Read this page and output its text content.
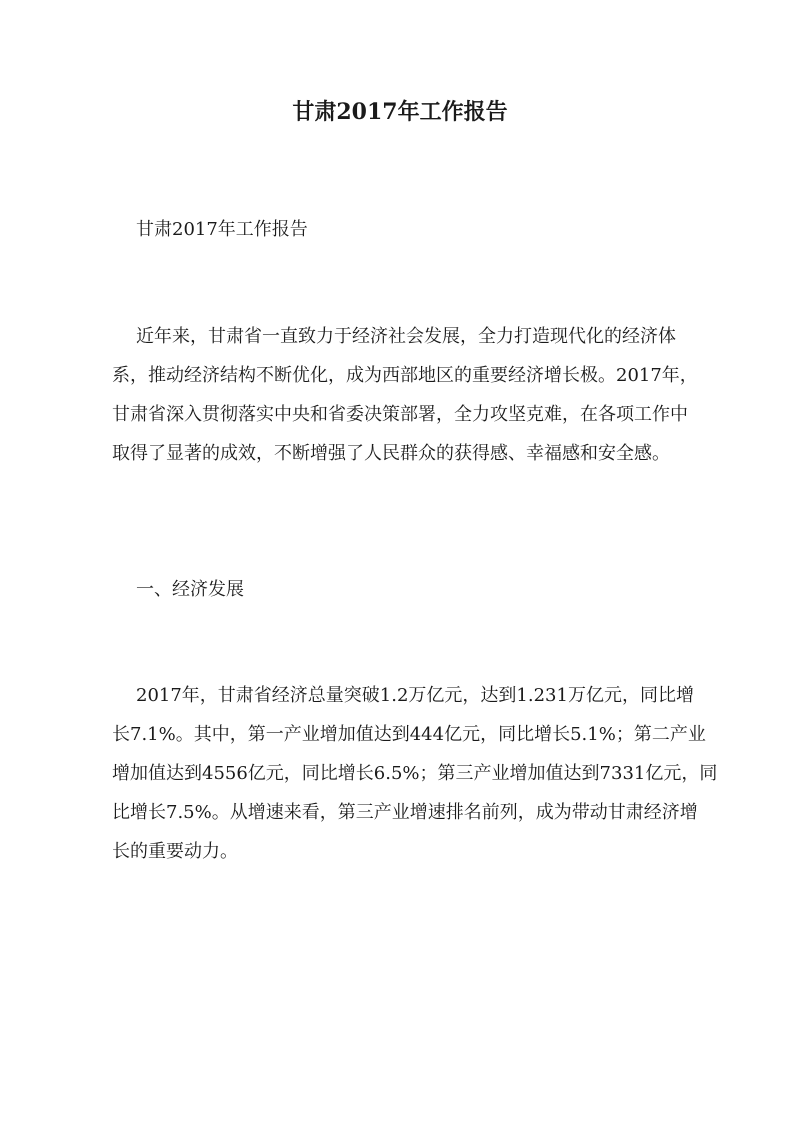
甘肃2017年工作报告

甘肃2017年工作报告

近年来，甘肃省一直致力于经济社会发展，全力打造现代化的经济体
系，推动经济结构不断优化，成为西部地区的重要经济增长极。2017年，
甘肃省深入贯彻落实中央和省委决策部署，全力攻坚克难，在各项工作中
取得了显著的成效，不断增强了人民群众的获得感、幸福感和安全感。

一、经济发展

2017年，甘肃省经济总量突破1.2万亿元，达到1.231万亿元，同比增
长7.1%。其中，第一产业增加值达到444亿元，同比增长5.1%；第二产业
增加值达到4556亿元，同比增长6.5%；第三产业增加值达到7331亿元，同
比增长7.5%。从增速来看，第三产业增速排名前列，成为带动甘肃经济增
长的重要动力。
